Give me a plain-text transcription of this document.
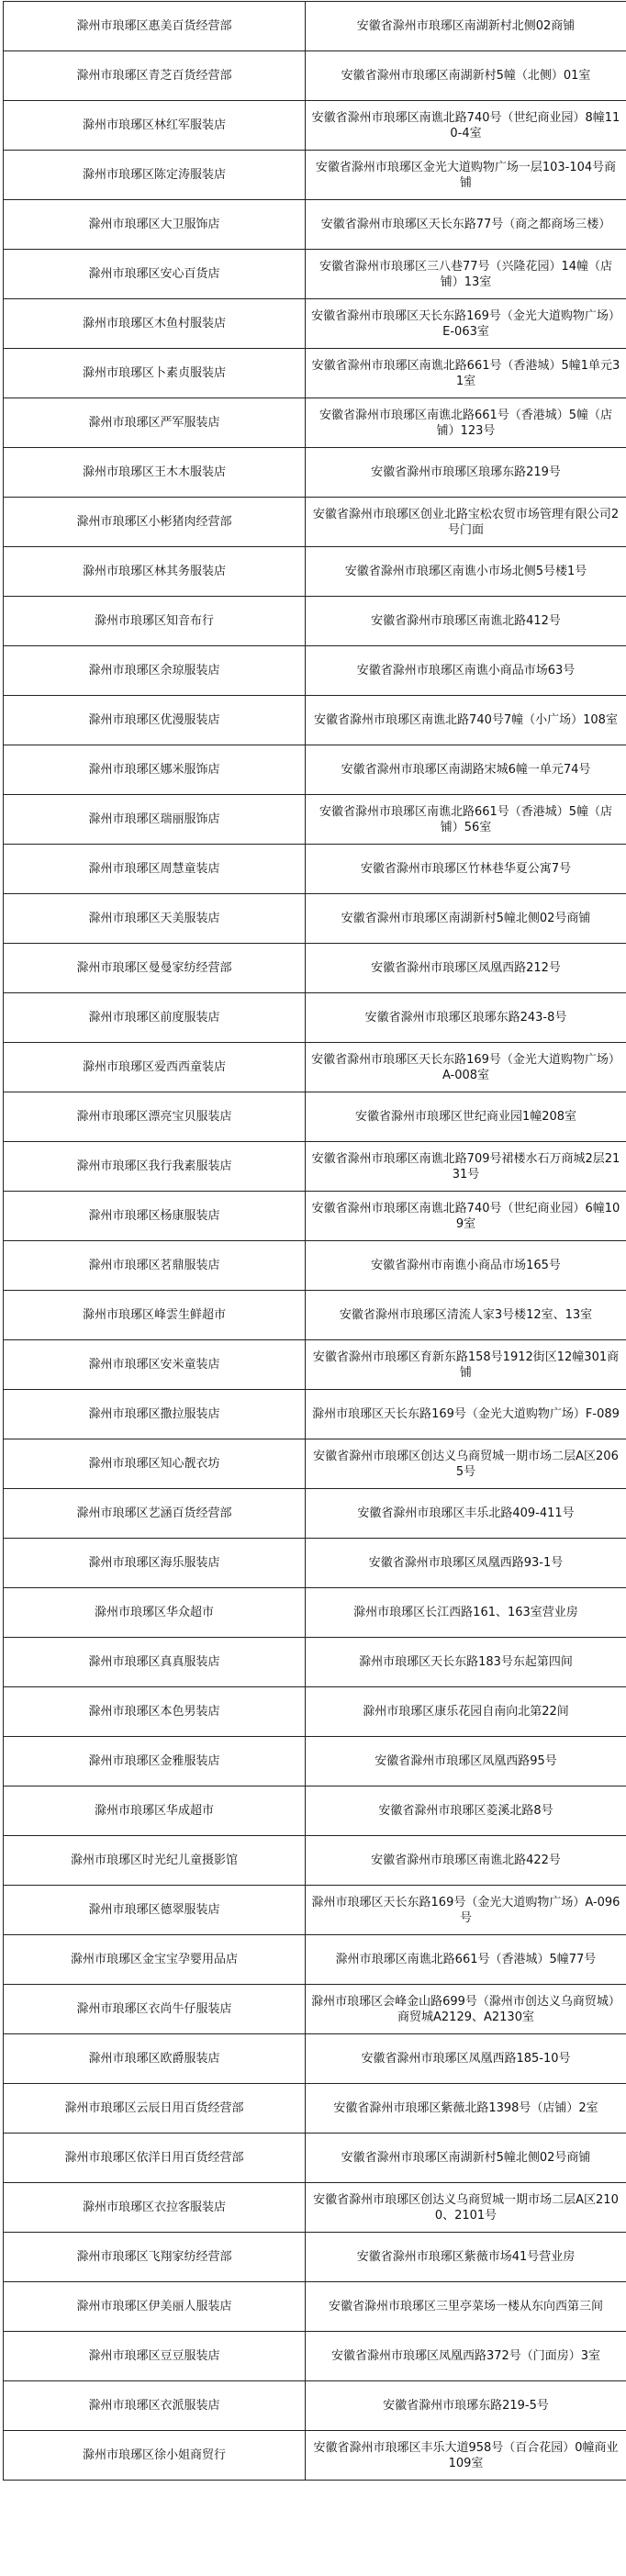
滁州市琅琊区惠美百货经营部	安徽省滁州市琅琊区南湖新村北侧02商铺
滁州市琅琊区青芝百货经营部	安徽省滁州市琅琊区南湖新村5幢（北侧）01室
滁州市琅琊区林红军服装店	安徽省滁州市琅琊区南谯北路740号（世纪商业园）8幢110-4室
滁州市琅琊区陈定涛服装店	安徽省滁州市琅琊区金光大道购物广场一层103-104号商铺
滁州市琅琊区大卫服饰店	安徽省滁州市琅琊区天长东路77号（商之都商场三楼）
滁州市琅琊区安心百货店	安徽省滁州市琅琊区三八巷77号（兴隆花园）14幢（店铺）13室
滁州市琅琊区木鱼村服装店	安徽省滁州市琅琊区天长东路169号（金光大道购物广场）E-063室
滁州市琅琊区卜素贞服装店	安徽省滁州市琅琊区南谯北路661号（香港城）5幢1单元31室
滁州市琅琊区严军服装店	安徽省滁州市琅琊区南谯北路661号（香港城）5幢（店铺）123号
滁州市琅琊区王木木服装店	安徽省滁州市琅琊区琅琊东路219号
滁州市琅琊区小彬猪肉经营部	安徽省滁州市琅琊区创业北路宝松农贸市场管理有限公司2号门面
滁州市琅琊区林其务服装店	安徽省滁州市琅琊区南谯小市场北侧5号楼1号
滁州市琅琊区知音布行	安徽省滁州市琅琊区南谯北路412号
滁州市琅琊区余琼服装店	安徽省滁州市琅琊区南谯小商品市场63号
滁州市琅琊区优漫服装店	安徽省滁州市琅琊区南谯北路740号7幢（小广场）108室
滁州市琅琊区娜米服饰店	安徽省滁州市琅琊区南湖路宋城6幢一单元74号
滁州市琅琊区瑞丽服饰店	安徽省滁州市琅琊区南谯北路661号（香港城）5幢（店铺）56室
滁州市琅琊区周慧童装店	安徽省滁州市琅琊区竹林巷华夏公寓7号
滁州市琅琊区天美服装店	安徽省滁州市琅琊区南湖新村5幢北侧02号商铺
滁州市琅琊区曼曼家纺经营部	安徽省滁州市琅琊区凤凰西路212号
滁州市琅琊区前度服装店	安徽省滁州市琅琊区琅琊东路243-8号
滁州市琅琊区爱西西童装店	安徽省滁州市琅琊区天长东路169号（金光大道购物广场）A-008室
滁州市琅琊区漂亮宝贝服装店	安徽省滁州市琅琊区世纪商业园1幢208室
滁州市琅琊区我行我素服装店	安徽省滁州市琅琊区南谯北路709号裙楼水石万商城2层2131号
滁州市琅琊区杨康服装店	安徽省滁州市琅琊区南谯北路740号（世纪商业园）6幢109室
滁州市琅琊区茗鼎服装店	安徽省滁州市南谯小商品市场165号
滁州市琅琊区峰雲生鲜超市	安徽省滁州市琅琊区清流人家3号楼12室、13室
滁州市琅琊区安米童装店	安徽省滁州市琅琊区育新东路158号1912街区12幢301商铺
滁州市琅琊区撒拉服装店	滁州市琅琊区天长东路169号（金光大道购物广场）F-089
滁州市琅琊区知心靓衣坊	安徽省滁州市琅琊区创达义乌商贸城一期市场二层A区2065号
滁州市琅琊区艺涵百货经营部	安徽省滁州市琅琊区丰乐北路409-411号
滁州市琅琊区海乐服装店	安徽省滁州市琅琊区凤凰西路93-1号
滁州市琅琊区华众超市	滁州市琅琊区长江西路161、163室营业房
滁州市琅琊区真真服装店	滁州市琅琊区天长东路183号东起第四间
滁州市琅琊区本色男装店	滁州市琅琊区康乐花园自南向北第22间
滁州市琅琊区金雅服装店	安徽省滁州市琅琊区凤凰西路95号
滁州市琅琊区华成超市	安徽省滁州市琅琊区菱溪北路8号
滁州市琅琊区时光纪儿童摄影馆	安徽省滁州市琅琊区南谯北路422号
滁州市琅琊区德翠服装店	滁州市琅琊区天长东路169号（金光大道购物广场）A-096号
滁州市琅琊区金宝宝孕婴用品店	滁州市琅琊区南谯北路661号（香港城）5幢77号
滁州市琅琊区衣尚牛仔服装店	滁州市琅琊区会峰金山路699号（滁州市创达义乌商贸城）商贸城A2129、A2130室
滁州市琅琊区欧爵服装店	安徽省滁州市琅琊区凤凰西路185-10号
滁州市琅琊区云辰日用百货经营部	安徽省滁州市琅琊区紫薇北路1398号（店铺）2室
滁州市琅琊区依洋日用百货经营部	安徽省滁州市琅琊区南湖新村5幢北侧02号商铺
滁州市琅琊区衣拉客服装店	安徽省滁州市琅琊区创达义乌商贸城一期市场二层A区2100、2101号
滁州市琅琊区飞翔家纺经营部	安徽省滁州市琅琊区紫薇市场41号营业房
滁州市琅琊区伊美丽人服装店	安徽省滁州市琅琊区三里亭菜场一楼从东向西第三间
滁州市琅琊区豆豆服装店	安徽省滁州市琅琊区凤凰西路372号（门面房）3室
滁州市琅琊区衣派服装店	安徽省滁州市琅琊东路219-5号
滁州市琅琊区徐小姐商贸行	安徽省滁州市琅琊区丰乐大道958号（百合花园）0幢商业109室
